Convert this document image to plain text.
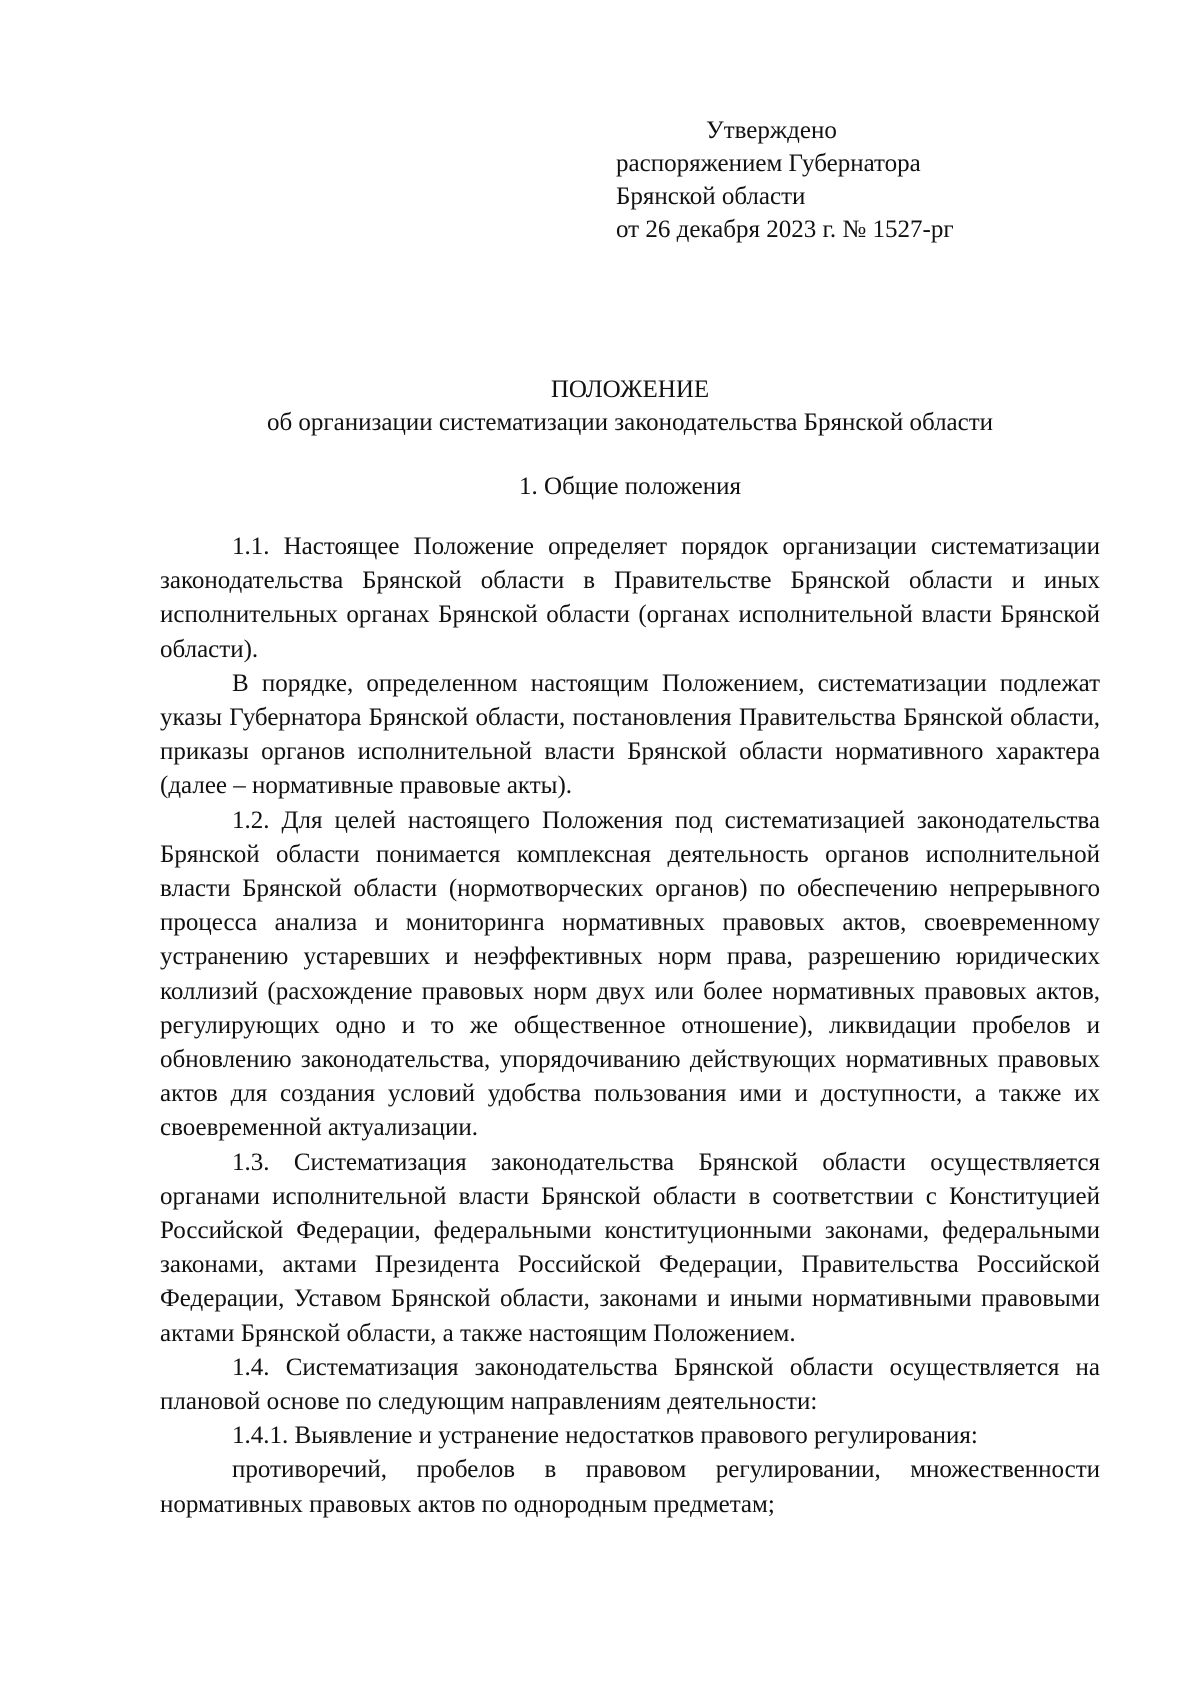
Утверждено
распоряжением Губернатора
Брянской области
от 26 декабря 2023 г. № 1527-рг
ПОЛОЖЕНИЕ
об организации систематизации законодательства Брянской области
1. Общие положения

1.1. Настоящее Положение определяет порядок организации систематизации законодательства Брянской области в Правительстве Брянской области и иных исполнительных органах Брянской области (органах исполнительной власти Брянской области).

В порядке, определенном настоящим Положением, систематизации подлежат указы Губернатора Брянской области, постановления Правительства Брянской области, приказы органов исполнительной власти Брянской области нормативного характера (далее – нормативные правовые акты).

1.2. Для целей настоящего Положения под систематизацией законодательства Брянской области понимается комплексная деятельность органов исполнительной власти Брянской области (нормотворческих органов) по обеспечению непрерывного процесса анализа и мониторинга нормативных правовых актов, своевременному устранению устаревших и неэффективных норм права, разрешению юридических коллизий (расхождение правовых норм двух или более нормативных правовых актов, регулирующих одно и то же общественное отношение), ликвидации пробелов и обновлению законодательства, упорядочиванию действующих нормативных правовых актов для создания условий удобства пользования ими и доступности, а также их своевременной актуализации.

1.3. Систематизация законодательства Брянской области осуществляется органами исполнительной власти Брянской области в соответствии с Конституцией Российской Федерации, федеральными конституционными законами, федеральными законами, актами Президента Российской Федерации, Правительства Российской Федерации, Уставом Брянской области, законами и иными нормативными правовыми актами Брянской области, а также настоящим Положением.

1.4. Систематизация законодательства Брянской области осуществляется на плановой основе по следующим направлениям деятельности:

1.4.1. Выявление и устранение недостатков правового регулирования:

противоречий, пробелов в правовом регулировании, множественности нормативных правовых актов по однородным предметам;
